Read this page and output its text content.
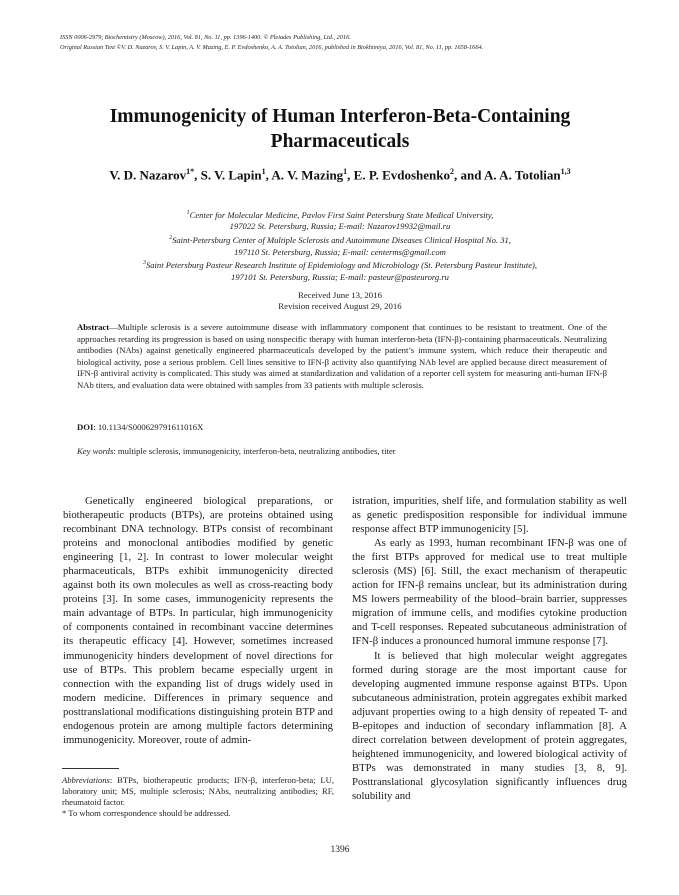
ISSN 0006-2979, Biochemistry (Moscow), 2016, Vol. 81, No. 11, pp. 1396-1400. © Pleiades Publishing, Ltd., 2016.
Original Russian Text ©V. D. Nazarov, S. V. Lapin, A. V. Mazing, E. P. Evdoshenko, A. A. Totolian, 2016, published in Biokhimiya, 2016, Vol. 81, No. 11, pp. 1658-1664.
Immunogenicity of Human Interferon-Beta-Containing
Pharmaceuticals
V. D. Nazarov$^{1*}$, S. V. Lapin$^1$, A. V. Mazing$^1$, E. P. Evdoshenko$^2$, and A. A. Totolian$^{1,3}$
$^1$Center for Molecular Medicine, Pavlov First Saint Petersburg State Medical University,
197022 St. Petersburg, Russia; E-mail: Nazarov19932@mail.ru
$^2$Saint-Petersburg Center of Multiple Sclerosis and Autoimmune Diseases Clinical Hospital No. 31,
197110 St. Petersburg, Russia; E-mail: centerms@gmail.com
$^3$Saint Petersburg Pasteur Research Institute of Epidemiology and Microbiology (St. Petersburg Pasteur Institute),
197101 St. Petersburg, Russia; E-mail: pasteur@pasteurorg.ru
Received June 13, 2016
Revision received August 29, 2016
Abstract—Multiple sclerosis is a severe autoimmune disease with inflammatory component that continues to be resistant to treatment. One of the approaches retarding its progression is based on using nonspecific therapy with human interferon-beta (IFN-β)-containing pharmaceuticals. Neutralizing antibodies (NAbs) against genetically engineered pharmaceuticals developed by the patient’s immune system, which reduce their therapeutic and biological activity, pose a serious problem. Cell lines sensitive to IFN-β activity also quantifying NAb level are applied because direct measurement of IFN-β antiviral activity is complicated. This study was aimed at standardization and validation of a reporter cell system for measuring anti-human IFN-β NAb titers, and evaluation data were obtained with samples from 33 patients with multiple sclerosis.
DOI: 10.1134/S000629791611016X
Key words: multiple sclerosis, immunogenicity, interferon-beta, neutralizing antibodies, titer

Genetically engineered biological preparations, or biotherapeutic products (BTPs), are proteins obtained using recombinant DNA technology. BTPs consist of recombinant proteins and monoclonal antibodies modified by genetic engineering [1, 2]. In contrast to lower molecular weight pharmaceuticals, BTPs exhibit immunogenicity directed against both its own molecules as well as cross-reacting body proteins [3]. In some cases, immunogenicity represents the main advantage of BTPs. In particular, high immunogenicity of components contained in recombinant vaccine determines its therapeutic efficacy [4]. However, sometimes increased immunogenicity hinders development of novel directions for use of BTPs. This problem became especially urgent in connection with the expanding list of drugs widely used in modern medicine. Differences in primary sequence and posttranslational modifications distinguishing protein BTP and endogenous protein are among multiple factors determining immunogenicity. Moreover, route of admin-

istration, impurities, shelf life, and formulation stability as well as genetic predisposition responsible for individual immune response affect BTP immunogenicity [5].

As early as 1993, human recombinant IFN-β was one of the first BTPs approved for medical use to treat multiple sclerosis (MS) [6]. Still, the exact mechanism of therapeutic action for IFN-β remains unclear, but its administration during MS lowers permeability of the blood–brain barrier, suppresses migration of immune cells, and modifies cytokine production and T-cell responses. Repeated subcutaneous administration of IFN-β induces a pronounced humoral immune response [7].

It is believed that high molecular weight aggregates formed during storage are the most important cause for developing augmented immune response against BTPs. Upon subcutaneous administration, protein aggregates exhibit marked adjuvant properties owing to a high density of repeated T- and B-epitopes and induction of secondary inflammation [8]. A direct correlation between development of protein aggregates, heightened immunogenicity, and lowered biological activity of BTPs was demonstrated in many studies [3, 8, 9]. Posttranslational glycosylation significantly influences drug solubility and

Abbreviations: BTPs, biotherapeutic products; IFN-β, interferon-beta; LU, laboratory unit; MS, multiple sclerosis; NAbs, neutralizing antibodies; RF, rheumatoid factor.

* To whom correspondence should be addressed.

1396
